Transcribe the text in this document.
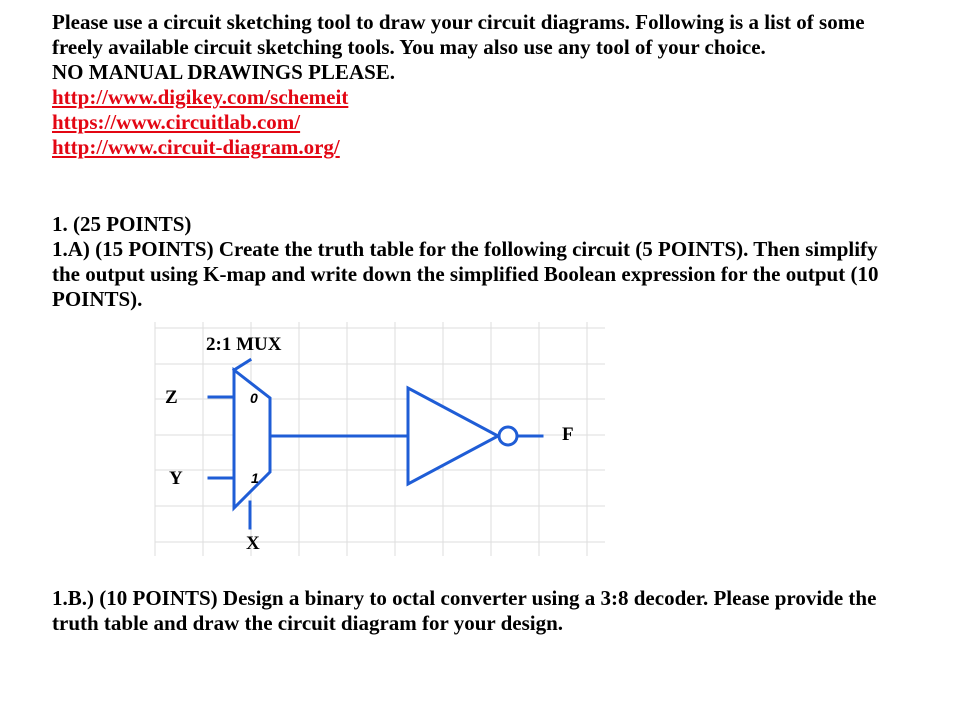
Please use a circuit sketching tool to draw your circuit diagrams. Following is a list of some
freely available circuit sketching tools. You may also use any tool of your choice.
NO MANUAL DRAWINGS PLEASE.
http://www.digikey.com/schemeit
https://www.circuitlab.com/
http://www.circuit-diagram.org/
1. (25 POINTS)
1.A) (15 POINTS) Create the truth table for the following circuit (5 POINTS). Then simplify
the output using K-map and write down the simplified Boolean expression for the output (10
POINTS).
2:1 MUX
Z
Y
X
F
0
1
1.B.) (10 POINTS) Design a binary to octal converter using a 3:8 decoder. Please provide the
truth table and draw the circuit diagram for your design.
